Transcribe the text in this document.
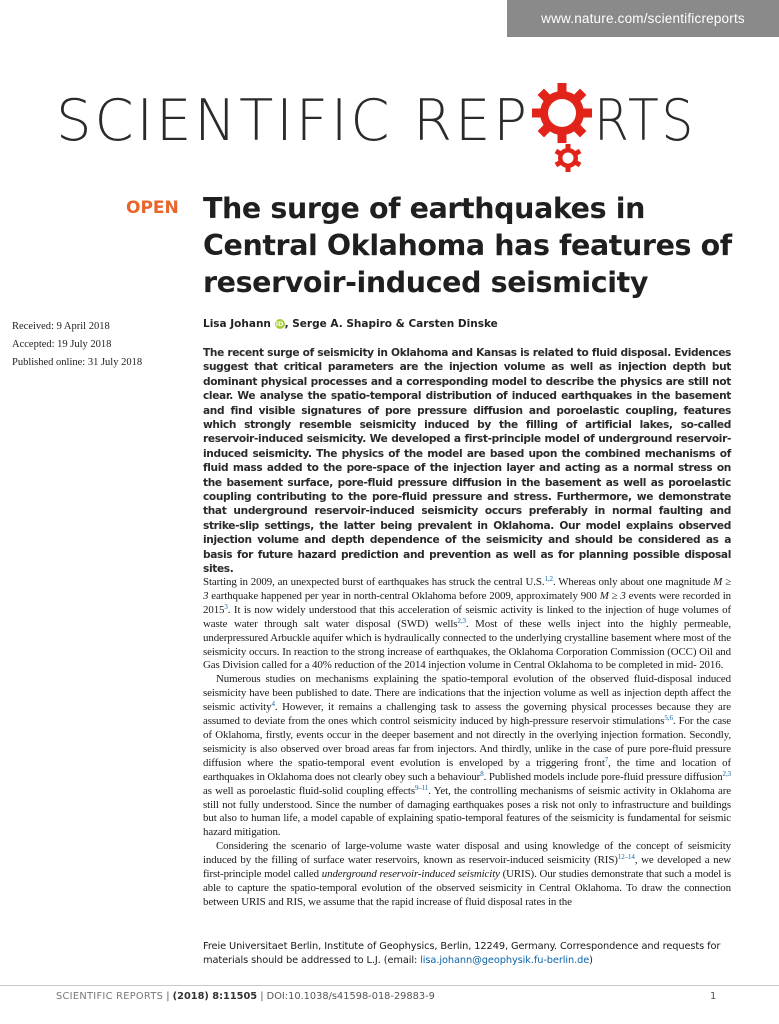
www.nature.com/scientificreports
SCIENTIFIC REP RTS
OPEN The surge of earthquakes in Central Oklahoma has features of reservoir-induced seismicity
Received: 9 April 2018
Accepted: 19 July 2018
Published online: 31 July 2018
Lisa Johann iD, Serge A. Shapiro & Carsten Dinske

The recent surge of seismicity in Oklahoma and Kansas is related to fluid disposal. Evidences suggest that critical parameters are the injection volume as well as injection depth but dominant physical processes and a corresponding model to describe the physics are still not clear. We analyse the spatio-temporal distribution of induced earthquakes in the basement and find visible signatures of pore pressure diffusion and poroelastic coupling, features which strongly resemble seismicity induced by the filling of artificial lakes, so-called reservoir-induced seismicity. We developed a first-principle model of underground reservoir-induced seismicity. The physics of the model are based upon the combined mechanisms of fluid mass added to the pore-space of the injection layer and acting as a normal stress on the basement surface, pore-fluid pressure diffusion in the basement as well as poroelastic coupling contributing to the pore-fluid pressure and stress. Furthermore, we demonstrate that underground reservoir-induced seismicity occurs preferably in normal faulting and strike-slip settings, the latter being prevalent in Oklahoma. Our model explains observed injection volume and depth dependence of the seismicity and should be considered as a basis for future hazard prediction and prevention as well as for planning possible disposal sites.

Starting in 2009, an unexpected burst of earthquakes has struck the central U.S.$^{1,2}$. Whereas only about one magnitude M ≥ 3 earthquake happened per year in north-central Oklahoma before 2009, approximately 900 M ≥ 3 events were recorded in 2015$^3$. It is now widely understood that this acceleration of seismic activity is linked to the injection of huge volumes of waste water through salt water disposal (SWD) wells$^{2,3}$. Most of these wells inject into the highly permeable, underpressured Arbuckle aquifer which is hydraulically connected to the underlying crystalline basement where most of the seismicity occurs. In reaction to the strong increase of earthquakes, the Oklahoma Corporation Commission (OCC) Oil and Gas Division called for a 40% reduction of the 2014 injection volume in Central Oklahoma to be completed in mid- 2016.

Numerous studies on mechanisms explaining the spatio-temporal evolution of the observed fluid-disposal induced seismicity have been published to date. There are indications that the injection volume as well as injection depth affect the seismic activity$^4$. However, it remains a challenging task to assess the governing physical processes because they are assumed to deviate from the ones which control seismicity induced by high-pressure reservoir stimulations$^{5,6}$. For the case of Oklahoma, firstly, events occur in the deeper basement and not directly in the overlying injection formation. Secondly, seismicity is also observed over broad areas far from injectors. And thirdly, unlike in the case of pure pore-fluid pressure diffusion where the spatio-temporal event evolution is enveloped by a triggering front$^7$, the time and location of earthquakes in Oklahoma does not clearly obey such a behaviour$^8$. Published models include pore-fluid pressure diffusion$^{2,3}$ as well as poroelastic fluid-solid coupling effects$^{9-11}$. Yet, the controlling mechanisms of seismic activity in Oklahoma are still not fully understood. Since the number of damaging earthquakes poses a risk not only to infrastructure and buildings but also to human life, a model capable of explaining spatio-temporal features of the seismicity is fundamental for seismic hazard mitigation.

Considering the scenario of large-volume waste water disposal and using knowledge of the concept of seismicity induced by the filling of surface water reservoirs, known as reservoir-induced seismicity (RIS)$^{12-14}$, we developed a new first-principle model called underground reservoir-induced seismicity (URIS). Our studies demonstrate that such a model is able to capture the spatio-temporal evolution of the observed seismicity in Central Oklahoma. To draw the connection between URIS and RIS, we assume that the rapid increase of fluid disposal rates in the

Freie Universitaet Berlin, Institute of Geophysics, Berlin, 12249, Germany. Correspondence and requests for materials should be addressed to L.J. (email: lisa.johann@geophysik.fu-berlin.de)

SCIENTIFIC REPORTS | (2018) 8:11505 | DOI:10.1038/s41598-018-29883-9	1
